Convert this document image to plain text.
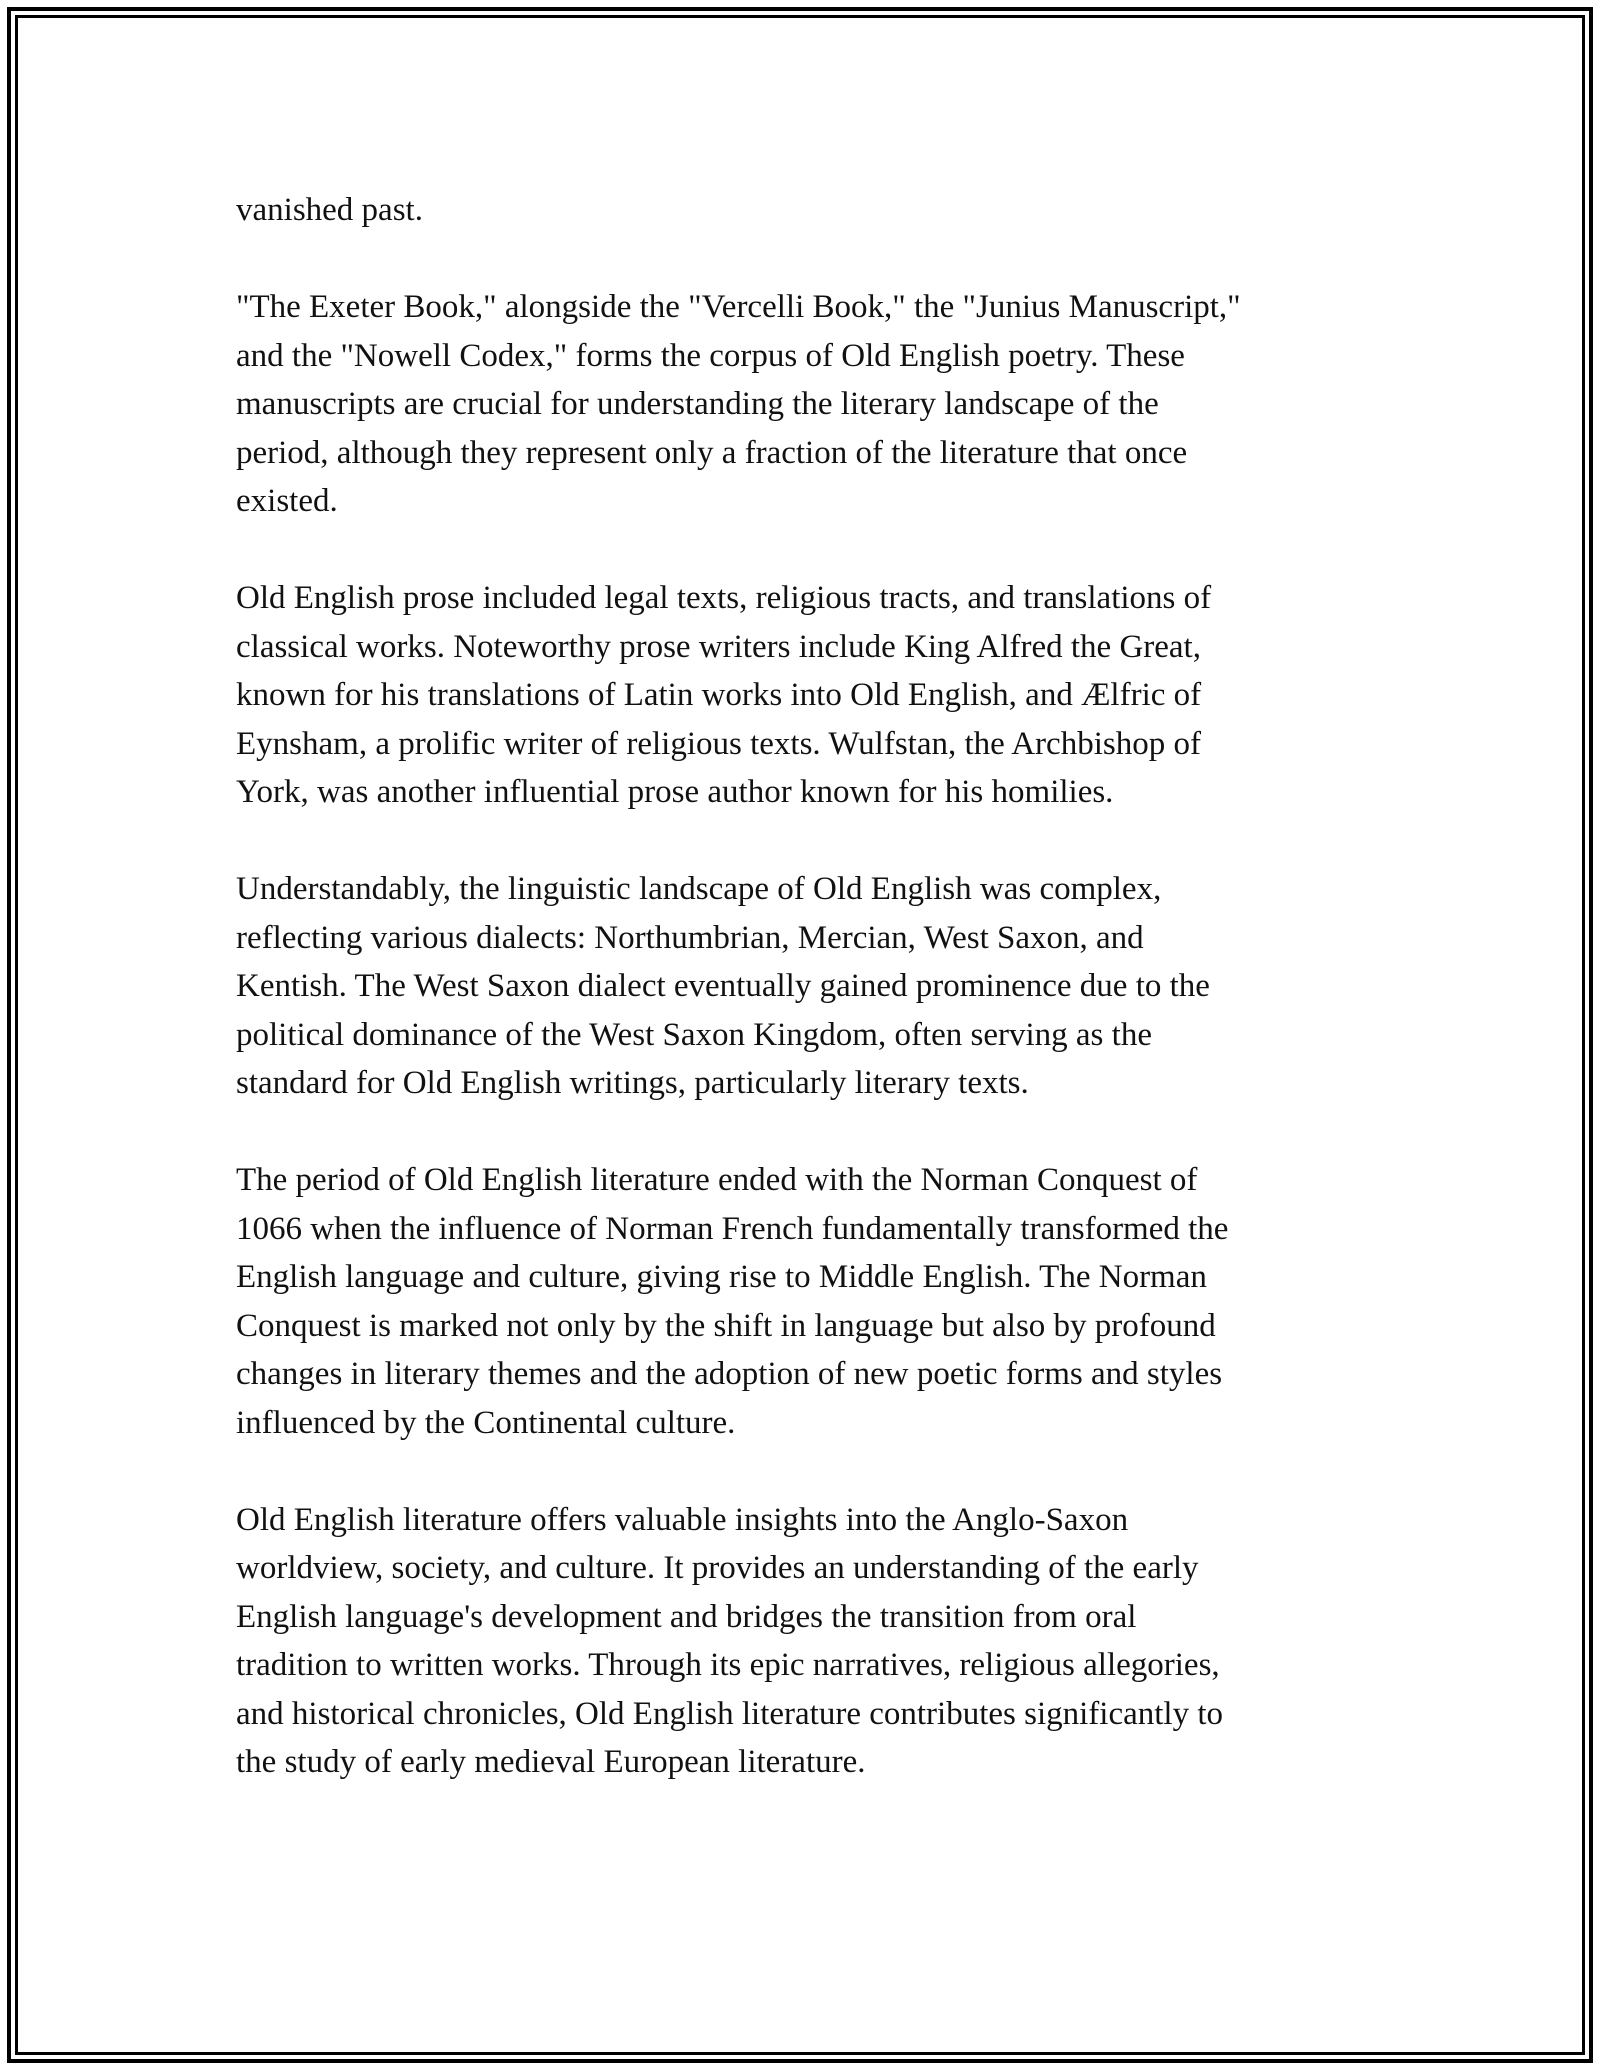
vanished past.

"The Exeter Book," alongside the "Vercelli Book," the "Junius Manuscript,"
and the "Nowell Codex," forms the corpus of Old English poetry. These
manuscripts are crucial for understanding the literary landscape of the
period, although they represent only a fraction of the literature that once
existed.

Old English prose included legal texts, religious tracts, and translations of
classical works. Noteworthy prose writers include King Alfred the Great,
known for his translations of Latin works into Old English, and Ælfric of
Eynsham, a prolific writer of religious texts. Wulfstan, the Archbishop of
York, was another influential prose author known for his homilies.

Understandably, the linguistic landscape of Old English was complex,
reflecting various dialects: Northumbrian, Mercian, West Saxon, and
Kentish. The West Saxon dialect eventually gained prominence due to the
political dominance of the West Saxon Kingdom, often serving as the
standard for Old English writings, particularly literary texts.

The period of Old English literature ended with the Norman Conquest of
1066 when the influence of Norman French fundamentally transformed the
English language and culture, giving rise to Middle English. The Norman
Conquest is marked not only by the shift in language but also by profound
changes in literary themes and the adoption of new poetic forms and styles
influenced by the Continental culture.

Old English literature offers valuable insights into the Anglo-Saxon
worldview, society, and culture. It provides an understanding of the early
English language's development and bridges the transition from oral
tradition to written works. Through its epic narratives, religious allegories,
and historical chronicles, Old English literature contributes significantly to
the study of early medieval European literature.
